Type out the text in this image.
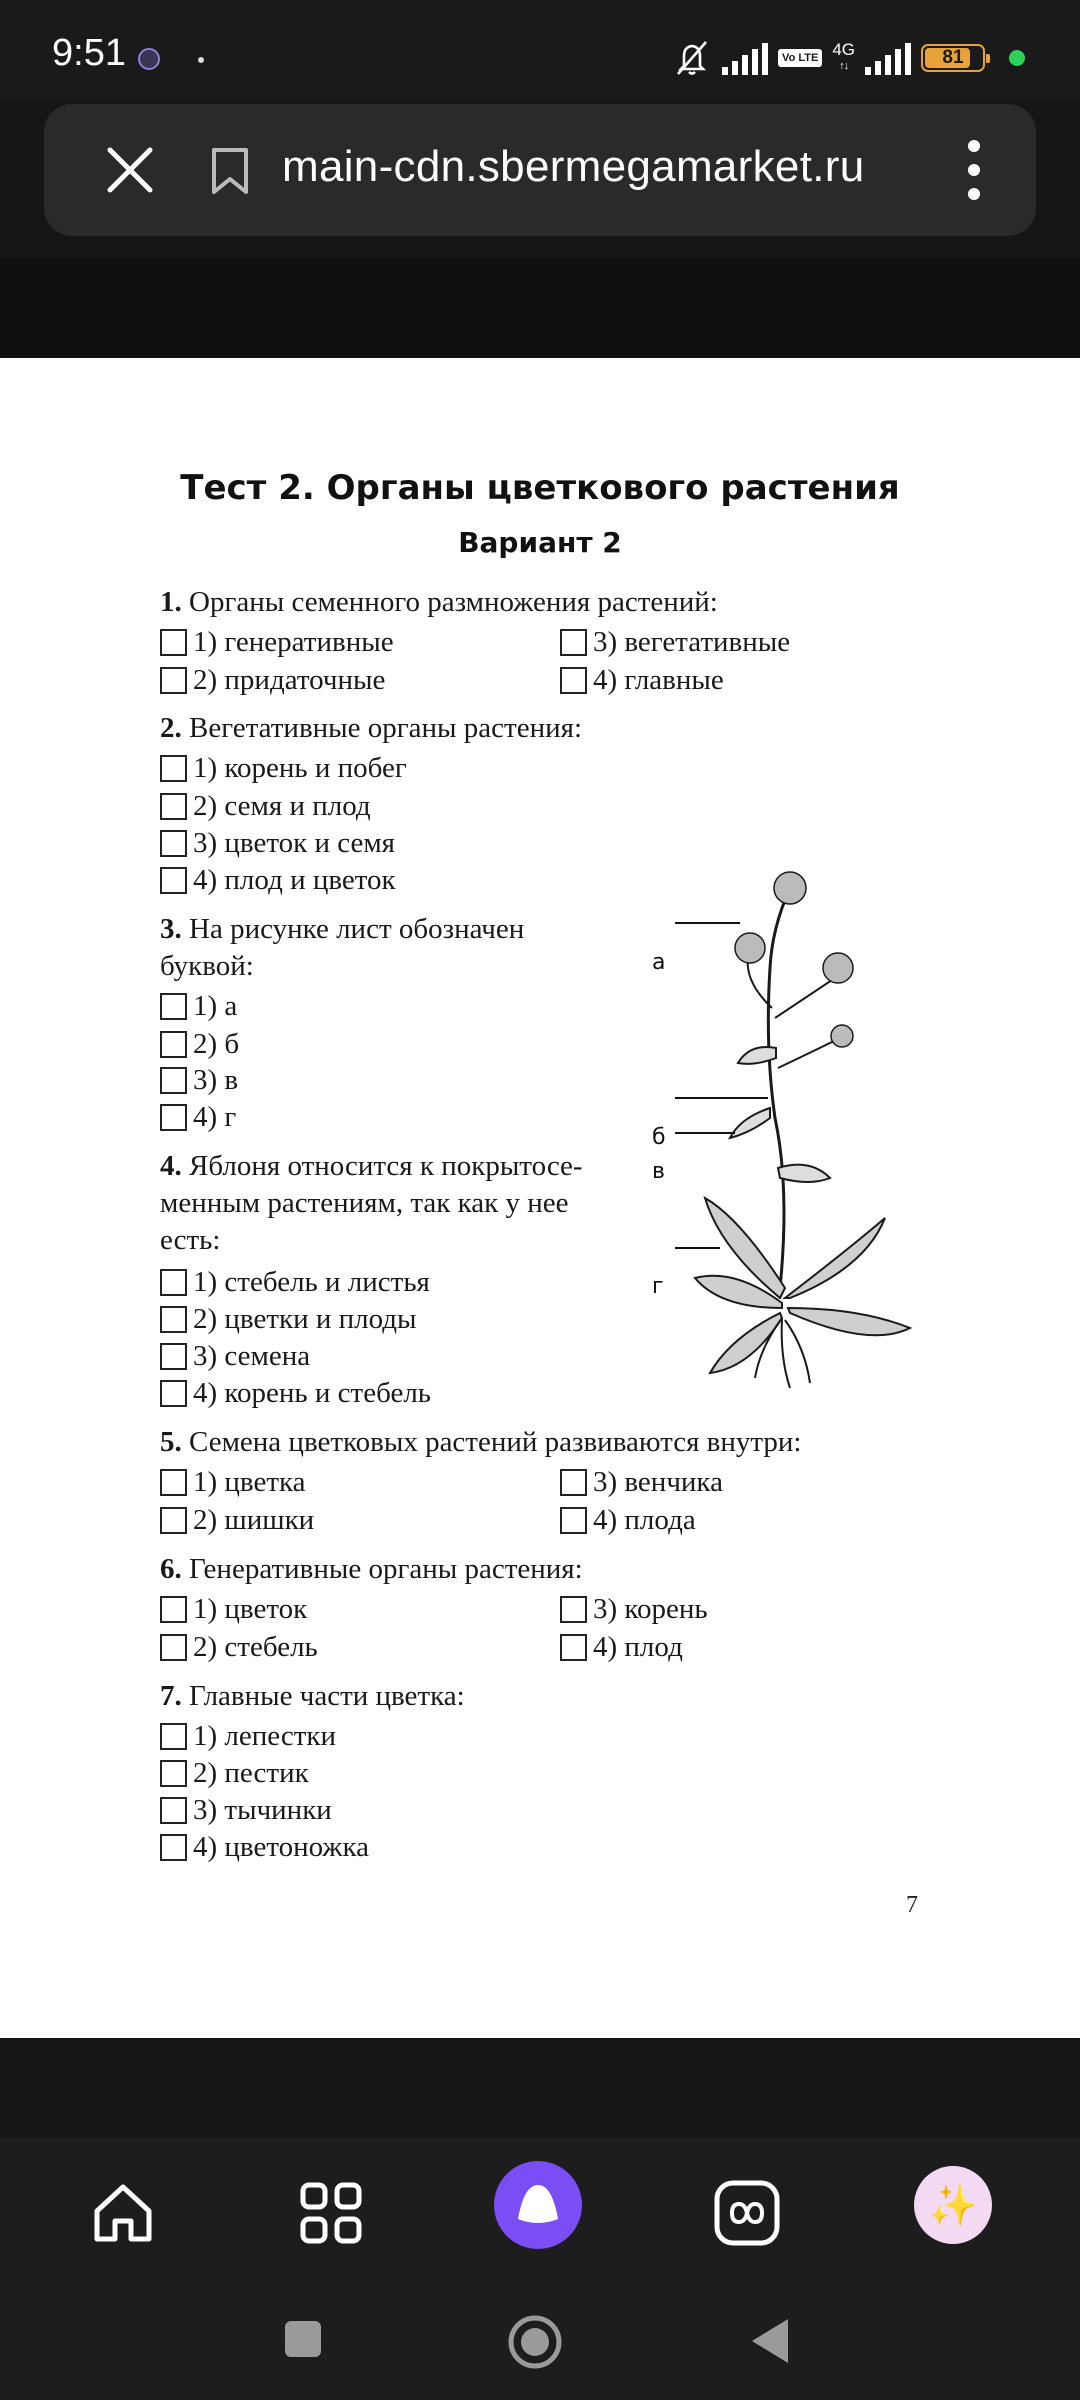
9:51	Vo LTE 4G
↑↓	81
main-cdn.sbermegamarket.ru
Тест 2. Органы цветкового растения
Вариант 2
1. Органы семенного размножения растений:
1) генеративные
2) придаточные
3) вегетативные
4) главные
2. Вегетативные органы растения:
1) корень и побег
2) семя и плод
3) цветок и семя
4) плод и цветок
3. На рисунке лист обозначен
буквой:
1) а
2) б
3) в
4) г
4. Яблоня относится к покрытосе-
менным растениям, так как у нее
есть:
1) стебель и листья
2) цветки и плоды
3) семена
4) корень и стебель
а
б
в
г
5. Семена цветковых растений развиваются внутри:
1) цветка
2) шишки
3) венчика
4) плода
6. Генеративные органы растения:
1) цветок
2) стебель
3) корень
4) плод
7. Главные части цветка:
1) лепестки
2) пестик
3) тычинки
4) цветоножка
7
✨
